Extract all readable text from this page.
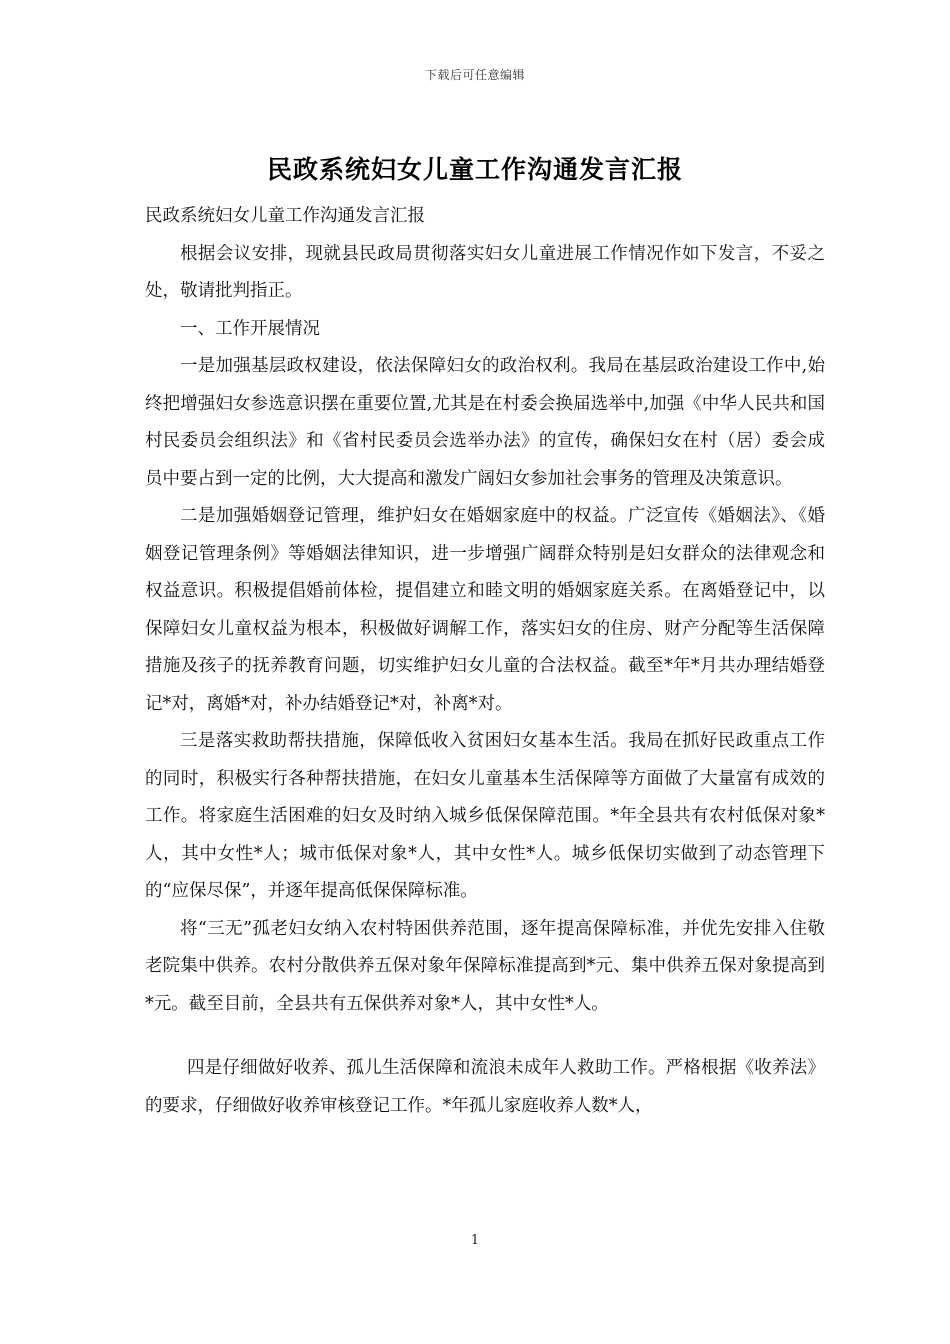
下载后可任意编辑
民政系统妇女儿童工作沟通发言汇报

民政系统妇女儿童工作沟通发言汇报

根据会议安排，现就县民政局贯彻落实妇女儿童进展工作情况作如下发言，不妥之处，敬请批判指正。

一、工作开展情况

一是加强基层政权建设，依法保障妇女的政治权利。我局在基层政治建设工作中,始终把增强妇女参选意识摆在重要位置,尤其是在村委会换届选举中,加强《中华人民共和国村民委员会组织法》和《省村民委员会选举办法》的宣传，确保妇女在村（居）委会成员中要占到一定的比例，大大提高和激发广阔妇女参加社会事务的管理及决策意识。

二是加强婚姻登记管理，维护妇女在婚姻家庭中的权益。广泛宣传《婚姻法》、《婚姻登记管理条例》等婚姻法律知识，进一步增强广阔群众特别是妇女群众的法律观念和权益意识。积极提倡婚前体检，提倡建立和睦文明的婚姻家庭关系。在离婚登记中，以保障妇女儿童权益为根本，积极做好调解工作，落实妇女的住房、财产分配等生活保障措施及孩子的抚养教育问题，切实维护妇女儿童的合法权益。截至*年*月共办理结婚登记*对，离婚*对，补办结婚登记*对，补离*对。

三是落实救助帮扶措施，保障低收入贫困妇女基本生活。我局在抓好民政重点工作的同时，积极实行各种帮扶措施，在妇女儿童基本生活保障等方面做了大量富有成效的工作。将家庭生活困难的妇女及时纳入城乡低保保障范围。*年全县共有农村低保对象*人，其中女性*人；城市低保对象*人，其中女性*人。城乡低保切实做到了动态管理下的“应保尽保”，并逐年提高低保保障标准。

将“三无”孤老妇女纳入农村特困供养范围，逐年提高保障标准，并优先安排入住敬老院集中供养。农村分散供养五保对象年保障标准提高到*元、集中供养五保对象提高到*元。截至目前，全县共有五保供养对象*人，其中女性*人。

四是仔细做好收养、孤儿生活保障和流浪未成年人救助工作。严格根据《收养法》的要求，仔细做好收养审核登记工作。*年孤儿家庭收养人数*人，

1
